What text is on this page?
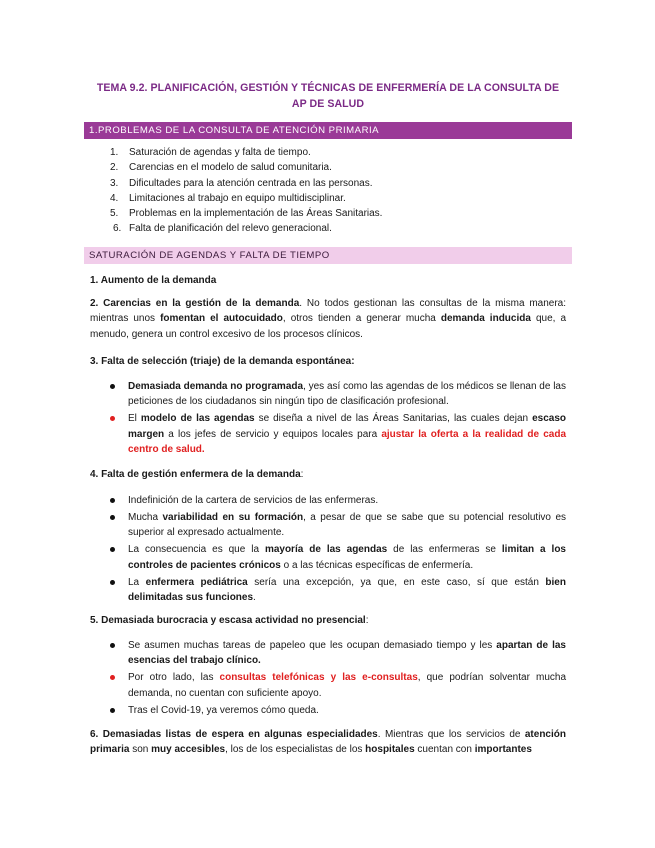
TEMA 9.2. PLANIFICACIÓN, GESTIÓN Y TÉCNICAS DE ENFERMERÍA DE LA CONSULTA DE AP DE SALUD
1.PROBLEMAS DE LA CONSULTA DE ATENCIÓN PRIMARIA
1. Saturación de agendas y falta de tiempo.
2. Carencias en el modelo de salud comunitaria.
3. Dificultades para la atención centrada en las personas.
4. Limitaciones al trabajo en equipo multidisciplinar.
5. Problemas en la implementación de las Áreas Sanitarias.
6. Falta de planificación del relevo generacional.
SATURACIÓN DE AGENDAS Y FALTA DE TIEMPO
1. Aumento de la demanda
2. Carencias en la gestión de la demanda. No todos gestionan las consultas de la misma manera: mientras unos fomentan el autocuidado, otros tienden a generar mucha demanda inducida que, a menudo, genera un control excesivo de los procesos clínicos.
3. Falta de selección (triaje) de la demanda espontánea:
Demasiada demanda no programada, yes así como las agendas de los médicos se llenan de las peticiones de los ciudadanos sin ningún tipo de clasificación profesional.
El modelo de las agendas se diseña a nivel de las Áreas Sanitarias, las cuales dejan escaso margen a los jefes de servicio y equipos locales para ajustar la oferta a la realidad de cada centro de salud.
4. Falta de gestión enfermera de la demanda:
Indefinición de la cartera de servicios de las enfermeras.
Mucha variabilidad en su formación, a pesar de que se sabe que su potencial resolutivo es superior al expresado actualmente.
La consecuencia es que la mayoría de las agendas de las enfermeras se limitan a los controles de pacientes crónicos o a las técnicas específicas de enfermería.
La enfermera pediátrica sería una excepción, ya que, en este caso, sí que están bien delimitadas sus funciones.
5. Demasiada burocracia y escasa actividad no presencial:
Se asumen muchas tareas de papeleo que les ocupan demasiado tiempo y les apartan de las esencias del trabajo clínico.
Por otro lado, las consultas telefónicas y las e-consultas, que podrían solventar mucha demanda, no cuentan con suficiente apoyo.
Tras el Covid-19, ya veremos cómo queda.
6. Demasiadas listas de espera en algunas especialidades. Mientras que los servicios de atención primaria son muy accesibles, los de los especialistas de los hospitales cuentan con importantes
